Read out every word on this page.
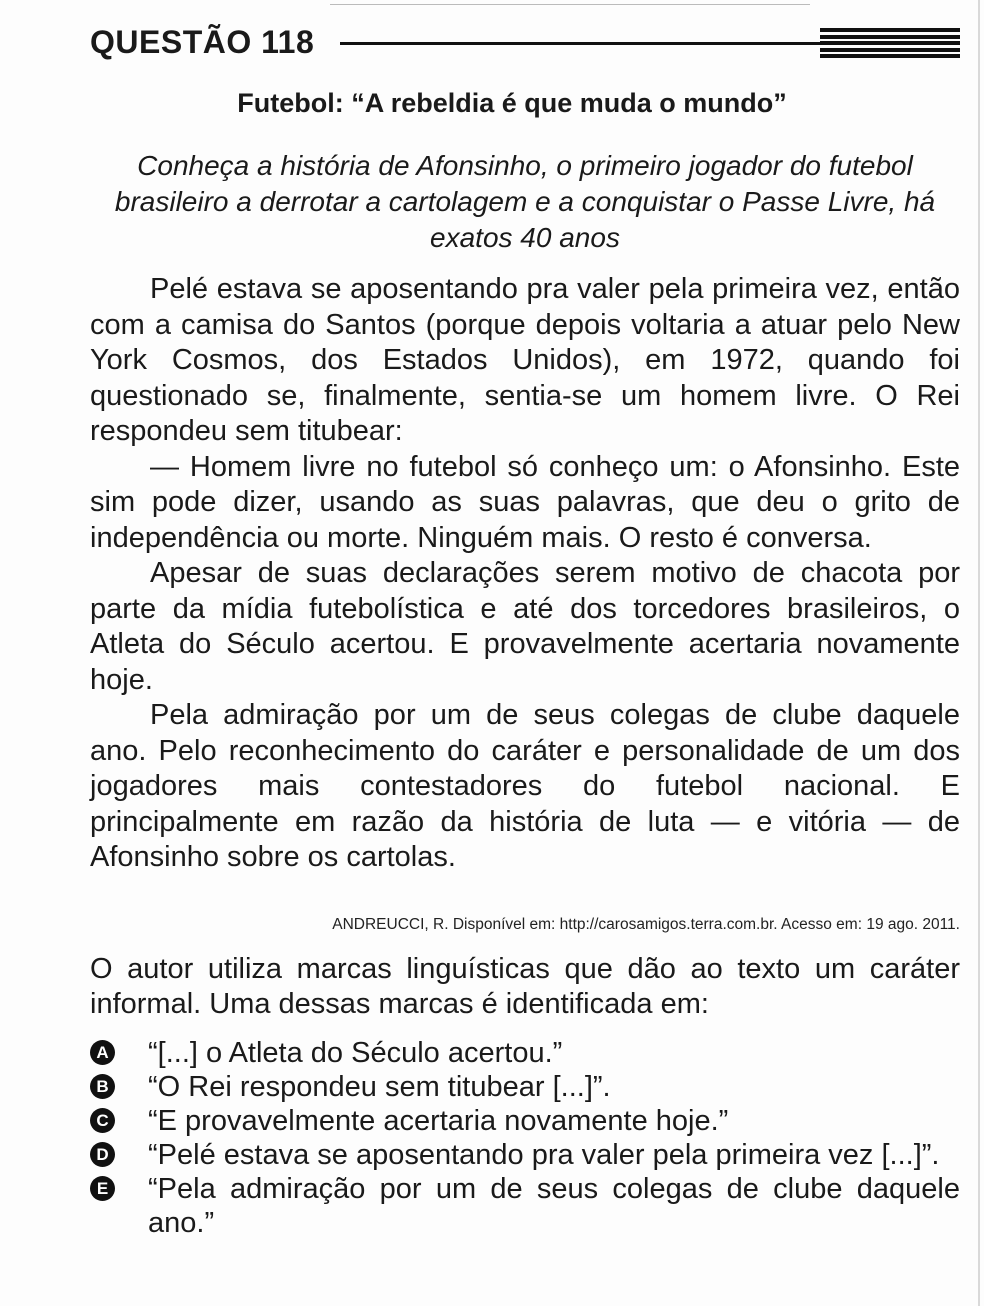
QUESTÃO 118
Futebol: “A rebeldia é que muda o mundo”
Conheça a história de Afonsinho, o primeiro jogador do futebol brasileiro a derrotar a cartolagem e a conquistar o Passe Livre, há exatos 40 anos

Pelé estava se aposentando pra valer pela primeira vez, então com a camisa do Santos (porque depois voltaria a atuar pelo New York Cosmos, dos Estados Unidos), em 1972, quando foi questionado se, finalmente, sentia-se um homem livre. O Rei respondeu sem titubear:

— Homem livre no futebol só conheço um: o Afonsinho. Este sim pode dizer, usando as suas palavras, que deu o grito de independência ou morte. Ninguém mais. O resto é conversa.

Apesar de suas declarações serem motivo de chacota por parte da mídia futebolística e até dos torcedores brasileiros, o Atleta do Século acertou. E provavelmente acertaria novamente hoje.

Pela admiração por um de seus colegas de clube daquele ano. Pelo reconhecimento do caráter e personalidade de um dos jogadores mais contestadores do futebol nacional. E principalmente em razão da história de luta — e vitória — de Afonsinho sobre os cartolas.

ANDREUCCI, R. Disponível em: http://carosamigos.terra.com.br. Acesso em: 19 ago. 2011.
O autor utiliza marcas linguísticas que dão ao texto um caráter informal. Uma dessas marcas é identificada em:
A “[...] o Atleta do Século acertou.”
B “O Rei respondeu sem titubear [...]”.
C “E provavelmente acertaria novamente hoje.”
D “Pelé estava se aposentando pra valer pela primeira vez [...]”.
E “Pela admiração por um de seus colegas de clube daquele ano.”
